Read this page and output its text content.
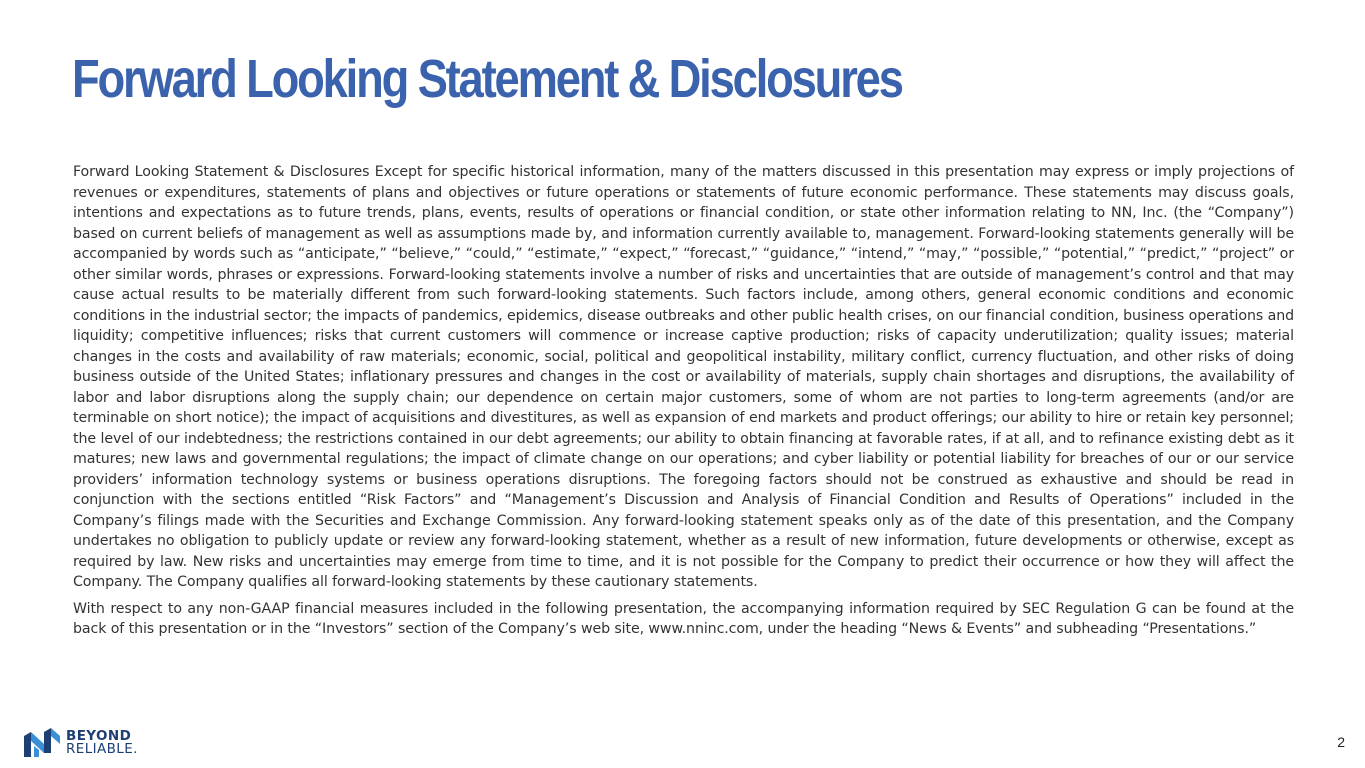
Forward Looking Statement & Disclosures

Forward Looking Statement & Disclosures Except for specific historical information, many of the matters discussed in this presentation may express or imply projections of revenues or expenditures, statements of plans and objectives or future operations or statements of future economic performance. These statements may discuss goals, intentions and expectations as to future trends, plans, events, results of operations or financial condition, or state other information relating to NN, Inc. (the “Company”) based on current beliefs of management as well as assumptions made by, and information currently available to, management. Forward-looking statements generally will be accompanied by words such as “anticipate,” “believe,” “could,” “estimate,” “expect,” “forecast,” “guidance,” “intend,” “may,” “possible,” “potential,” “predict,” “project” or other similar words, phrases or expressions. Forward-looking statements involve a number of risks and uncertainties that are outside of management’s control and that may cause actual results to be materially different from such forward-looking statements. Such factors include, among others, general economic conditions and economic conditions in the industrial sector; the impacts of pandemics, epidemics, disease outbreaks and other public health crises, on our financial condition, business operations and liquidity; competitive influences; risks that current customers will commence or increase captive production; risks of capacity underutilization; quality issues; material changes in the costs and availability of raw materials; economic, social, political and geopolitical instability, military conflict, currency fluctuation, and other risks of doing business outside of the United States; inflationary pressures and changes in the cost or availability of materials, supply chain shortages and disruptions, the availability of labor and labor disruptions along the supply chain; our dependence on certain major customers, some of whom are not parties to long-term agreements (and/or are terminable on short notice); the impact of acquisitions and divestitures, as well as expansion of end markets and product offerings; our ability to hire or retain key personnel; the level of our indebtedness; the restrictions contained in our debt agreements; our ability to obtain financing at favorable rates, if at all, and to refinance existing debt as it matures; new laws and governmental regulations; the impact of climate change on our operations; and cyber liability or potential liability for breaches of our or our service providers’ information technology systems or business operations disruptions. The foregoing factors should not be construed as exhaustive and should be read in conjunction with the sections entitled “Risk Factors” and “Management’s Discussion and Analysis of Financial Condition and Results of Operations” included in the Company’s filings made with the Securities and Exchange Commission. Any forward-looking statement speaks only as of the date of this presentation, and the Company undertakes no obligation to publicly update or review any forward-looking statement, whether as a result of new information, future developments or otherwise, except as required by law. New risks and uncertainties may emerge from time to time, and it is not possible for the Company to predict their occurrence or how they will affect the Company. The Company qualifies all forward-looking statements by these cautionary statements.

With respect to any non-GAAP financial measures included in the following presentation, the accompanying information required by SEC Regulation G can be found at the back of this presentation or in the “Investors” section of the Company’s web site, www.nninc.com, under the heading “News & Events” and subheading “Presentations.”

BEYOND
RELIABLE.	2
